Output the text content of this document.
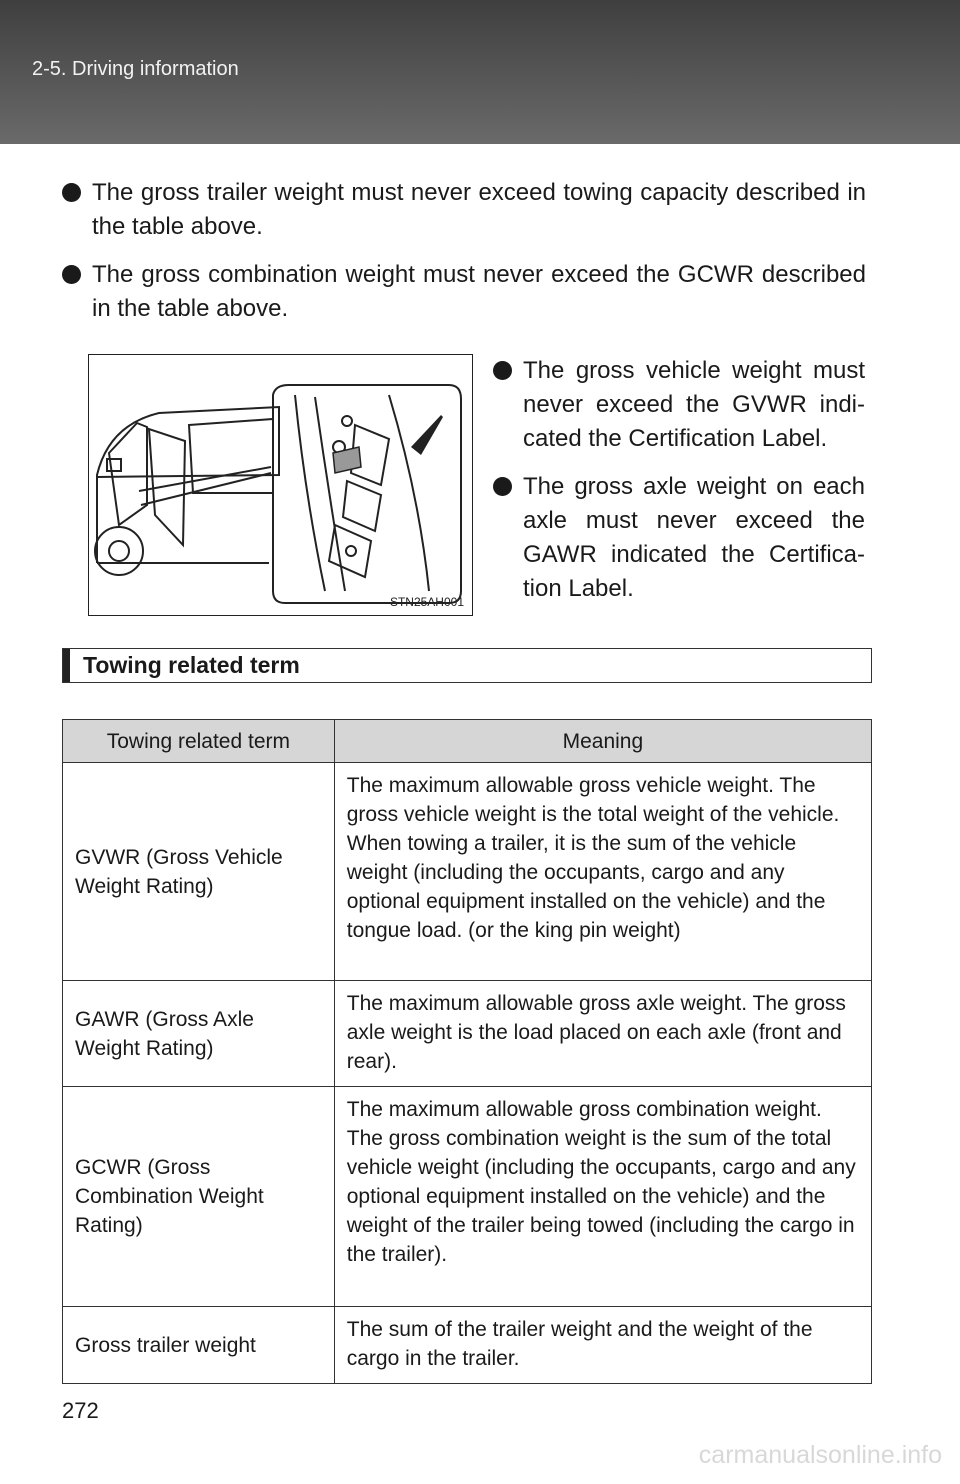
2-5. Driving information
The gross trailer weight must never exceed towing capacity described in the table above.
The gross combination weight must never exceed the GCWR described in the table above.
STN25AH001
The gross vehicle weight must never exceed the GVWR indi-cated the Certification Label.
The gross axle weight on each axle must never exceed the GAWR indicated the Certifica-tion Label.
Towing related term
Towing related term	Meaning
GVWR (Gross Vehicle Weight Rating)	The maximum allowable gross vehicle weight. The gross vehicle weight is the total weight of the vehicle. When towing a trailer, it is the sum of the vehicle weight (including the occupants, cargo and any optional equipment installed on the vehicle) and the tongue load. (or the king pin weight)
GAWR (Gross Axle Weight Rating)	The maximum allowable gross axle weight. The gross axle weight is the load placed on each axle (front and rear).
GCWR (Gross Combination Weight Rating)	The maximum allowable gross combination weight. The gross combination weight is the sum of the total vehicle weight (including the occupants, cargo and any optional equipment installed on the vehicle) and the weight of the trailer being towed (including the cargo in the trailer).
Gross trailer weight	The sum of the trailer weight and the weight of the cargo in the trailer.
272
carmanualsonline.info
